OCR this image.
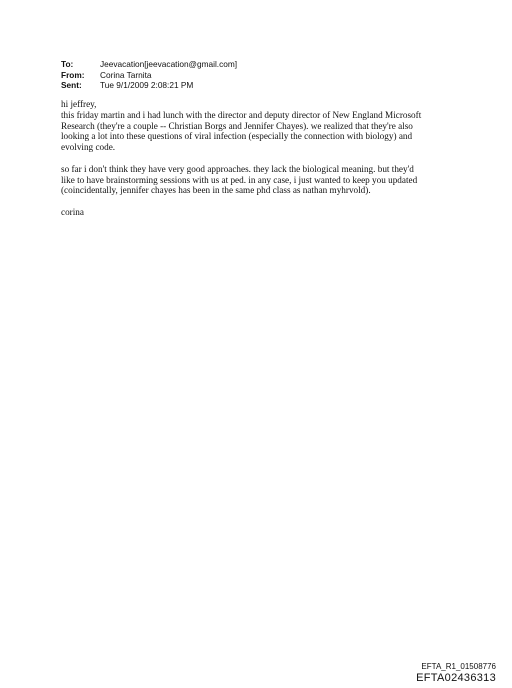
To:	Jeevacation[jeevacation@gmail.com]
From:	Corina Tarnita
Sent:	Tue 9/1/2009 2:08:21 PM
hi jeffrey,
this friday martin and i had lunch with the director and deputy director of New England Microsoft
Research (they're a couple -- Christian Borgs and Jennifer Chayes). we realized that they're also
looking a lot into these questions of viral infection (especially the connection with biology) and
evolving code.
so far i don't think they have very good approaches. they lack the biological meaning. but they'd
like to have brainstorming sessions with us at ped. in any case, i just wanted to keep you updated
(coincidentally, jennifer chayes has been in the same phd class as nathan myhrvold).
corina
EFTA_R1_01508776
EFTA02436313
